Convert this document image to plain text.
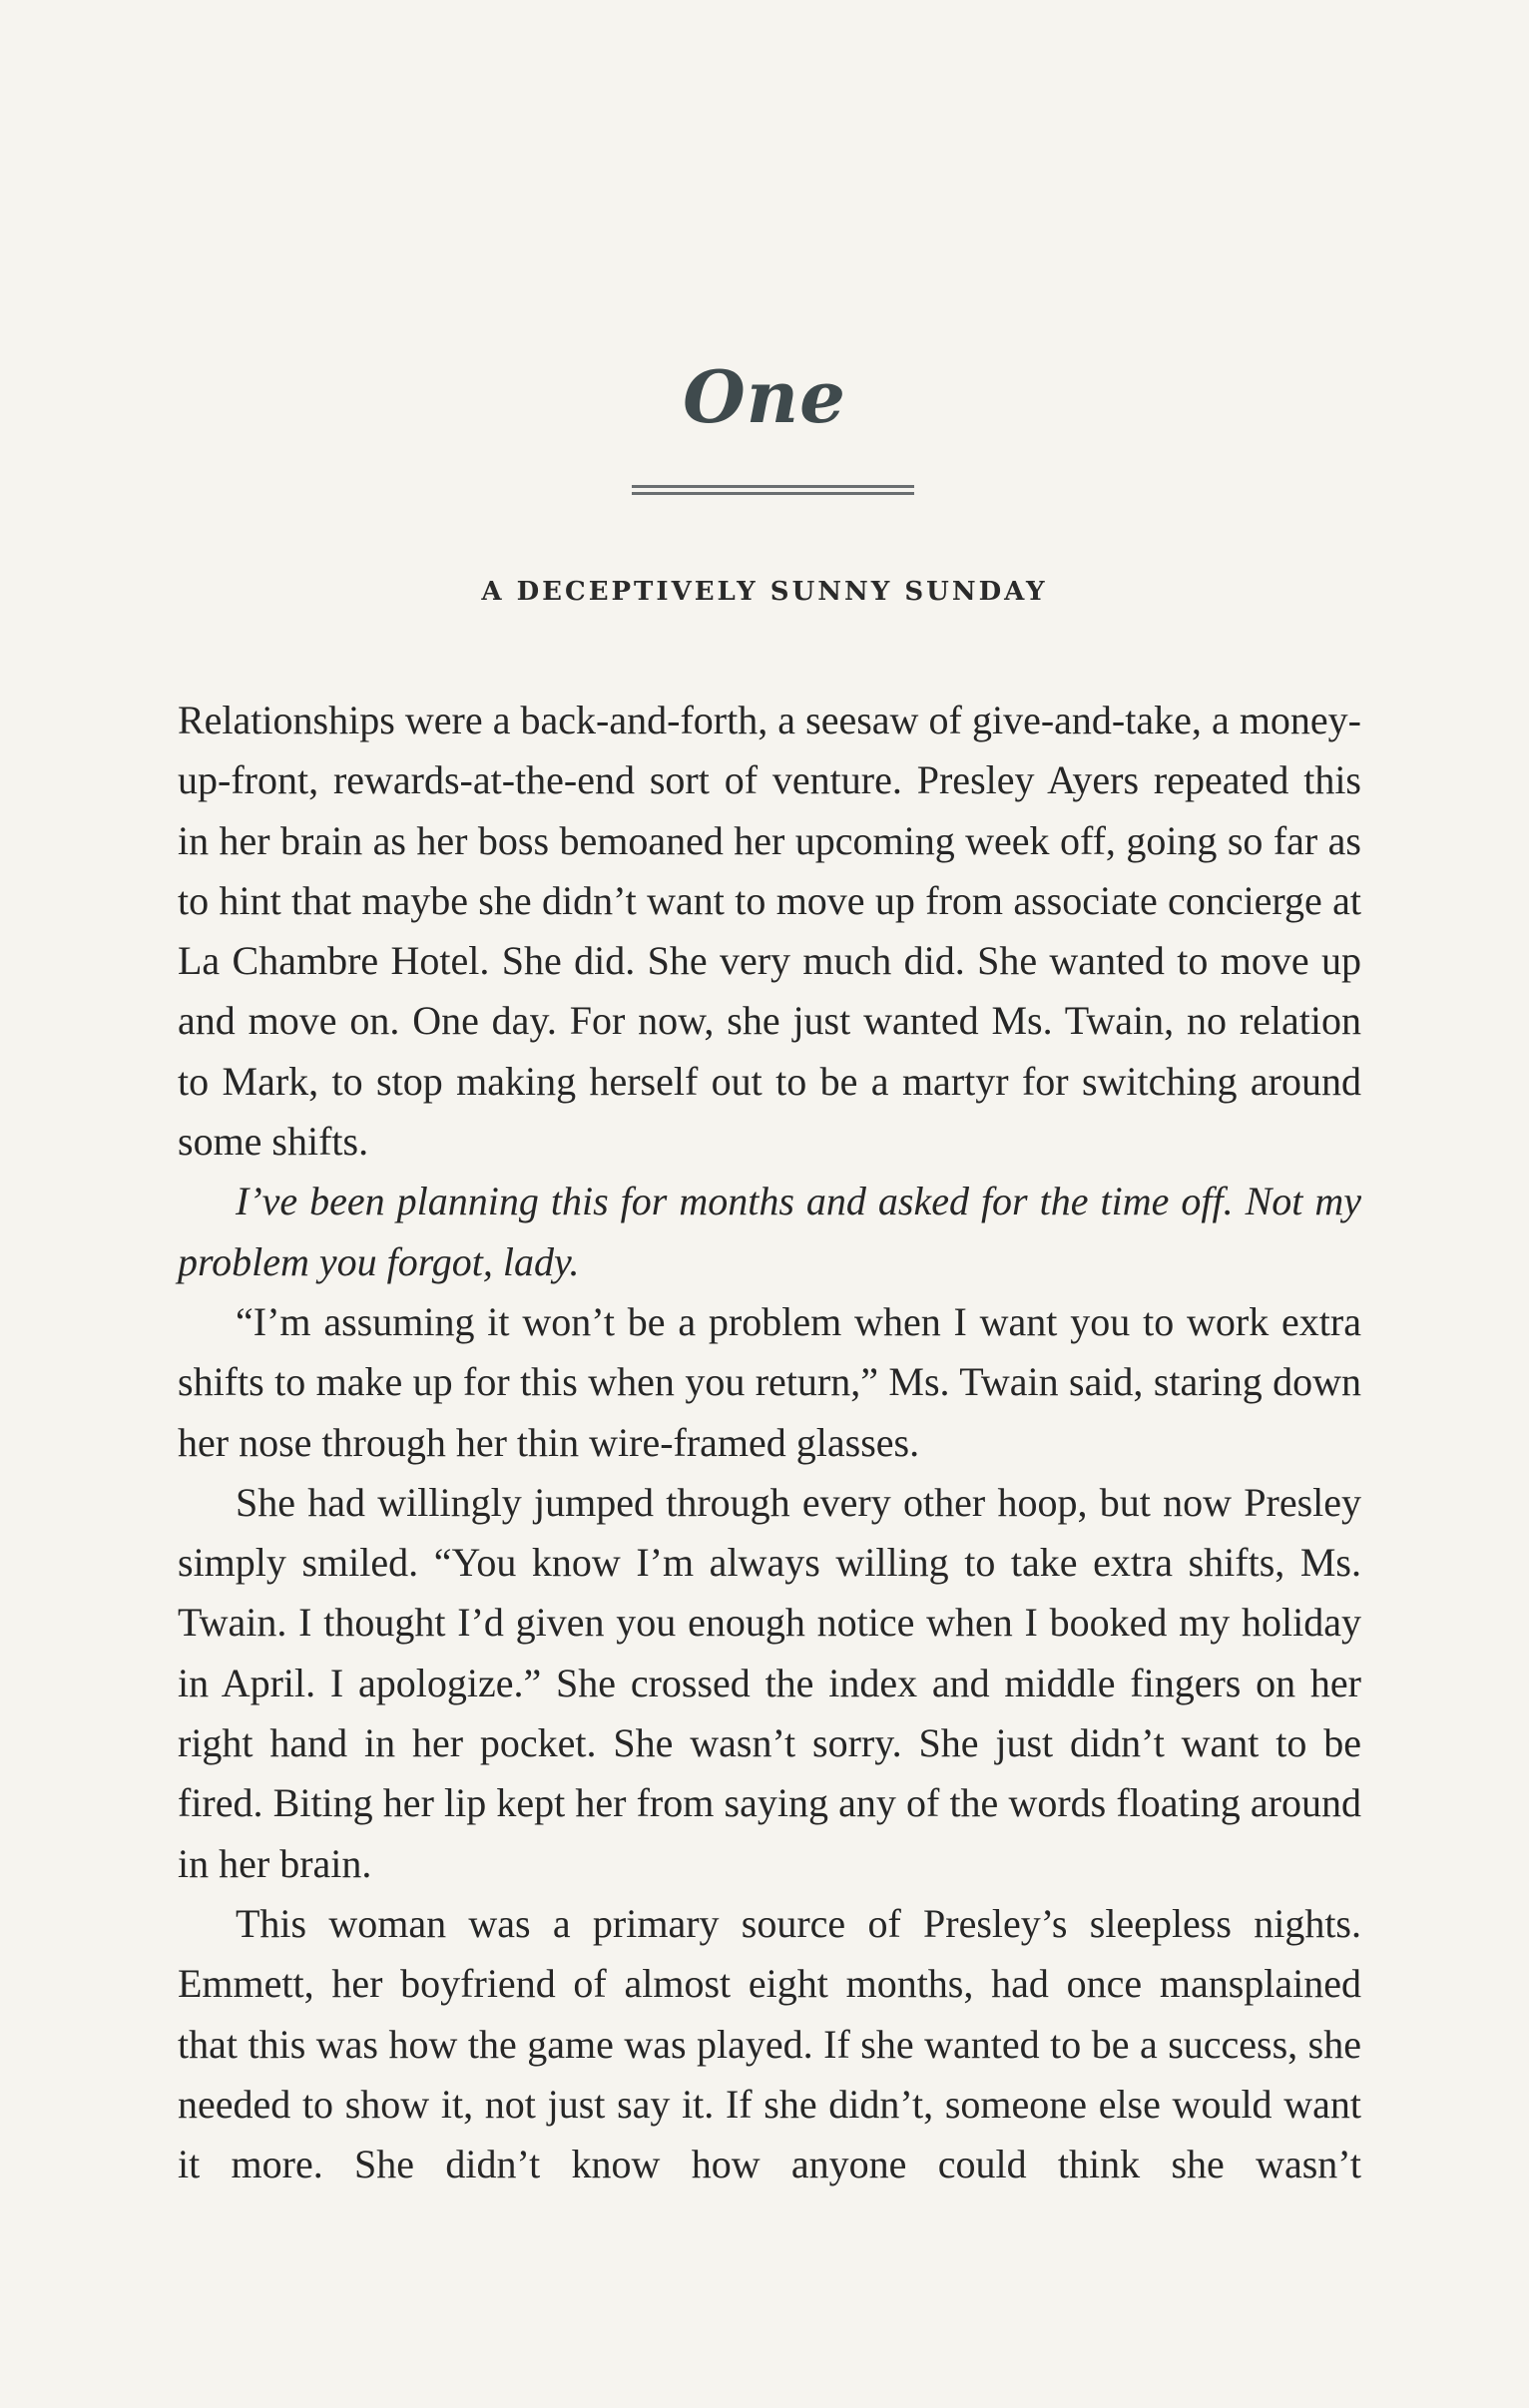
One
A DECEPTIVELY SUNNY SUNDAY

Relationships were a back-and-forth, a seesaw of give-and-take, a money-up-front, rewards-at-the-end sort of venture. Presley Ayers repeated this in her brain as her boss bemoaned her upcoming week off, going so far as to hint that maybe she didn’t want to move up from associate concierge at La Chambre Hotel. She did. She very much did. She wanted to move up and move on. One day. For now, she just wanted Ms. Twain, no relation to Mark, to stop making herself out to be a martyr for switching around some shifts.

I’ve been planning this for months and asked for the time off. Not my problem you forgot, lady.

“I’m assuming it won’t be a problem when I want you to work extra shifts to make up for this when you return,” Ms. Twain said, staring down her nose through her thin wire-framed glasses.

She had willingly jumped through every other hoop, but now Presley simply smiled. “You know I’m always willing to take extra shifts, Ms. Twain. I thought I’d given you enough notice when I booked my holiday in April. I apologize.” She crossed the index and middle fingers on her right hand in her pocket. She wasn’t sorry. She just didn’t want to be fired. Biting her lip kept her from saying any of the words floating around in her brain.

This woman was a primary source of Presley’s sleepless nights. Emmett, her boyfriend of almost eight months, had once mansplained that this was how the game was played. If she wanted to be a success, she needed to show it, not just say it. If she didn’t, someone else would want it more. She didn’t know how anyone could think she wasn’t
